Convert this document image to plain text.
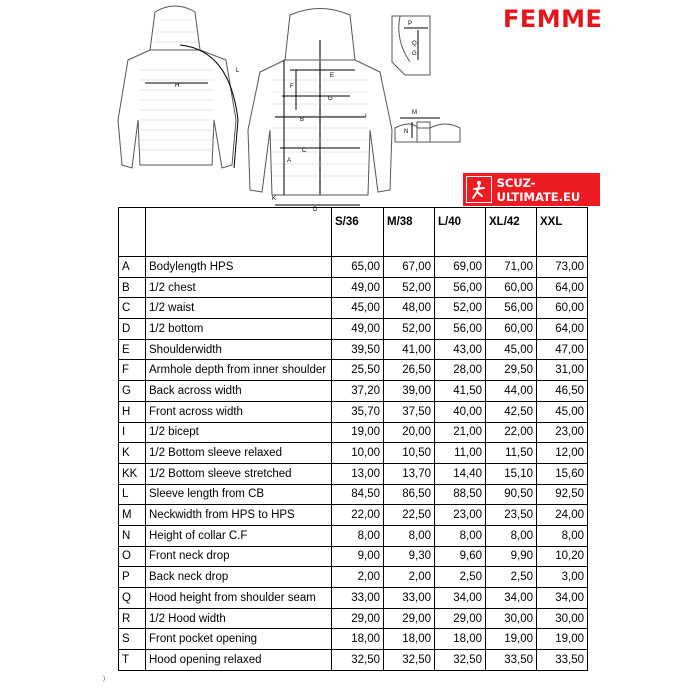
FEMME
H
L
E
F
G
B
C
A
I
K
D
P
Q
G
M
N
SCUZ-ULTIMATE.EU
		S/36	M/38	L/40	XL/42	XXL
A	Bodylength HPS	65,00	67,00	69,00	71,00	73,00
B	1/2 chest	49,00	52,00	56,00	60,00	64,00
C	1/2 waist	45,00	48,00	52,00	56,00	60,00
D	1/2 bottom	49,00	52,00	56,00	60,00	64,00
E	Shoulderwidth	39,50	41,00	43,00	45,00	47,00
F	Armhole depth from inner shoulder	25,50	26,50	28,00	29,50	31,00
G	Back across width	37,20	39,00	41,50	44,00	46,50
H	Front across width	35,70	37,50	40,00	42,50	45,00
I	1/2 bicept	19,00	20,00	21,00	22,00	23,00
K	1/2 Bottom sleeve relaxed	10,00	10,50	11,00	11,50	12,00
KK	1/2 Bottom sleeve stretched	13,00	13,70	14,40	15,10	15,60
L	Sleeve length from CB	84,50	86,50	88,50	90,50	92,50
M	Neckwidth from HPS to HPS	22,00	22,50	23,00	23,50	24,00
N	Height of collar C.F	8,00	8,00	8,00	8,00	8,00
O	Front neck drop	9,00	9,30	9,60	9,90	10,20
P	Back neck drop	2,00	2,00	2,50	2,50	3,00
Q	Hood height from shoulder seam	33,00	33,00	34,00	34,00	34,00
R	1/2 Hood width	29,00	29,00	29,00	30,00	30,00
S	Front pocket opening	18,00	18,00	18,00	19,00	19,00
T	Hood opening relaxed	32,50	32,50	32,50	33,50	33,50
)
